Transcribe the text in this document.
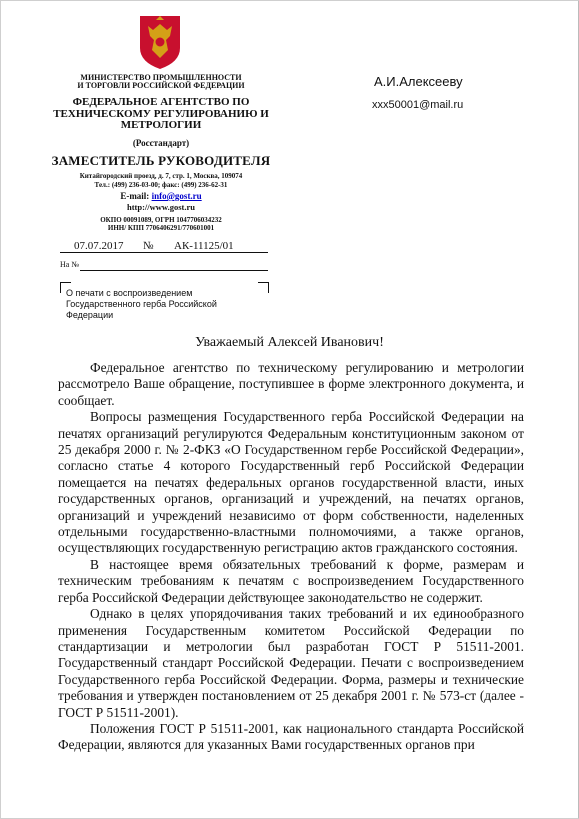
МИНИСТЕРСТВО ПРОМЫШЛЕННОСТИ
И ТОРГОВЛИ РОССИЙСКОЙ ФЕДЕРАЦИИ
ФЕДЕРАЛЬНОЕ АГЕНТСТВО ПО
ТЕХНИЧЕСКОМУ РЕГУЛИРОВАНИЮ И
МЕТРОЛОГИИ
(Росстандарт)
ЗАМЕСТИТЕЛЬ РУКОВОДИТЕЛЯ
Китайгородский проезд, д. 7, стр. 1, Москва, 109074
Тел.: (499) 236-03-00; факс: (499) 236-62-31
E-mail: info@gost.ru
http://www.gost.ru
ОКПО 00091089, ОГРН 1047706034232
ИНН/ КПП 7706406291/770601001
07.07.2017 № АК-11125/01
На №
О печати с воспроизведением Государственного герба Российской Федерации
А.И.Алексееву
xxx50001@mail.ru
Уважаемый Алексей Иванович!

Федеральное агентство по техническому регулированию и метрологии рассмотрело Ваше обращение, поступившее в форме электронного документа, и сообщает.

Вопросы размещения Государственного герба Российской Федерации на печатях организаций регулируются Федеральным конституционным законом от 25 декабря 2000 г. № 2-ФКЗ «О Государственном гербе Российской Федерации», согласно статье 4 которого Государственный герб Российской Федерации помещается на печатях федеральных органов государственной власти, иных государственных органов, организаций и учреждений, на печатях органов, организаций и учреждений независимо от форм собственности, наделенных отдельными государственно-властными полномочиями, а также органов, осуществляющих государственную регистрацию актов гражданского состояния.

В настоящее время обязательных требований к форме, размерам и техническим требованиям к печатям с воспроизведением Государственного герба Российской Федерации действующее законодательство не содержит.

Однако в целях упорядочивания таких требований и их единообразного применения Государственным комитетом Российской Федерации по стандартизации и метрологии был разработан ГОСТ Р 51511-2001. Государственный стандарт Российской Федерации. Печати с воспроизведением Государственного герба Российской Федерации. Форма, размеры и технические требования и утвержден постановлением от 25 декабря 2001 г. № 573-ст (далее - ГОСТ Р 51511-2001).

Положения ГОСТ Р 51511-2001, как национального стандарта Российской Федерации, являются для указанных Вами государственных органов при
